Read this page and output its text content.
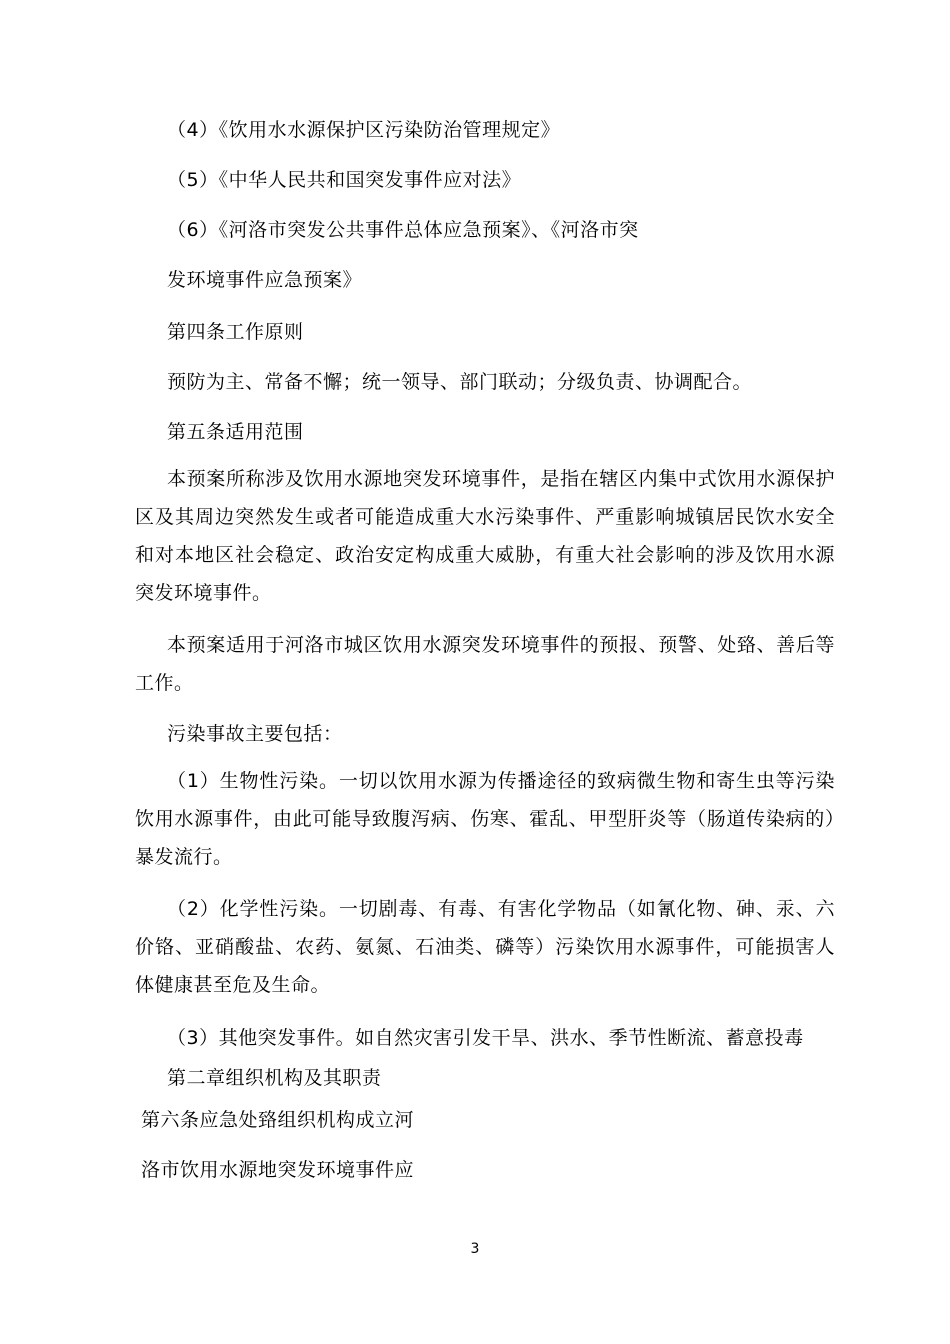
（4）《饮用水水源保护区污染防治管理规定》
（5）《中华人民共和国突发事件应对法》
（6）《河洛市突发公共事件总体应急预案》、《河洛市突
发环境事件应急预案》
第四条工作原则
预防为主、常备不懈；统一领导、部门联动；分级负责、协调配合。
第五条适用范围
本预案所称涉及饮用水源地突发环境事件，是指在辖区内集中式饮用水源保护区及其周边突然发生或者可能造成重大水污染事件、严重影响城镇居民饮水安全和对本地区社会稳定、政治安定构成重大威胁，有重大社会影响的涉及饮用水源突发环境事件。
本预案适用于河洛市城区饮用水源突发环境事件的预报、预警、处臵、善后等工作。
污染事故主要包括：
（1）生物性污染。一切以饮用水源为传播途径的致病微生物和寄生虫等污染饮用水源事件，由此可能导致腹泻病、伤寒、霍乱、甲型肝炎等（肠道传染病的）暴发流行。
（2）化学性污染。一切剧毒、有毒、有害化学物品（如氰化物、砷、汞、六价铬、亚硝酸盐、农药、氨氮、石油类、磷等）污染饮用水源事件，可能损害人体健康甚至危及生命。
（3）其他突发事件。如自然灾害引发干旱、洪水、季节性断流、蓄意投毒
第二章组织机构及其职责
第六条应急处臵组织机构成立河
洛市饮用水源地突发环境事件应
3
